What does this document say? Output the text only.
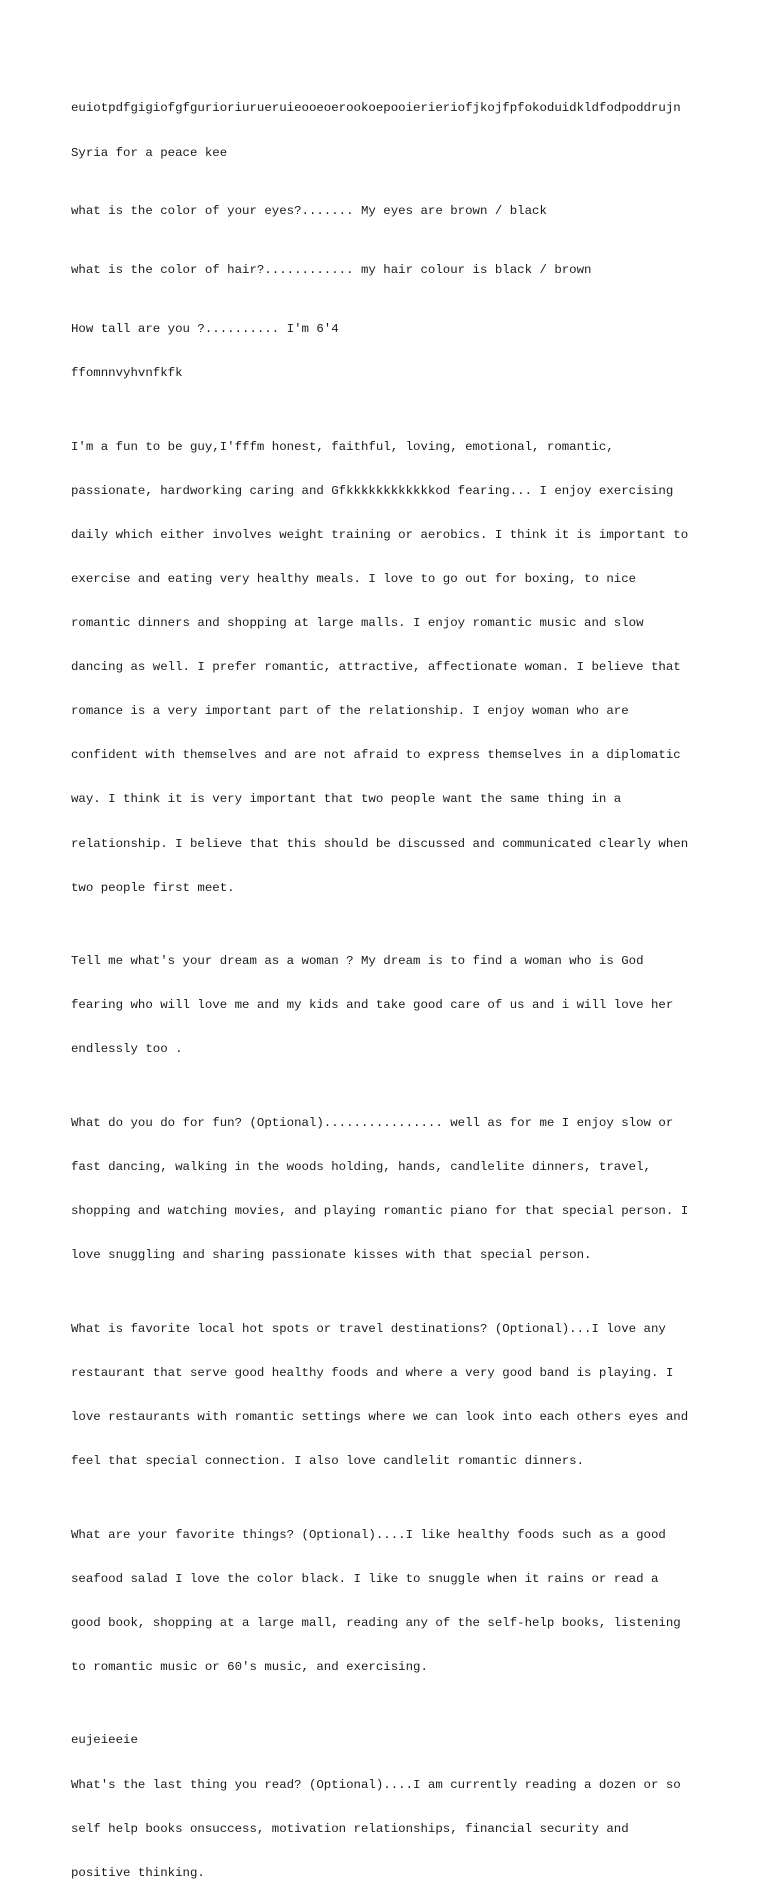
euiotpdfgigiofgfgurioriurueruieooeoerookoepooierieriofjkojfpfokoduidkldfodpoddrujn

Syria for a peace kee

what is the color of your eyes?....... My eyes are brown / black

what is the color of hair?............ my hair colour is black / brown

How tall are you ?.......... I'm 6'4

ffomnnvyhvnfkfk

I'm a fun to be guy,I'fffm honest, faithful, loving, emotional, romantic,

passionate, hardworking caring and Gfkkkkkkkkkkkkod fearing... I enjoy exercising

daily which either involves weight training or aerobics. I think it is important to

exercise and eating very healthy meals. I love to go out for boxing, to nice

romantic dinners and shopping at large malls. I enjoy romantic music and slow

dancing as well. I prefer romantic, attractive, affectionate woman. I believe that

romance is a very important part of the relationship. I enjoy woman who are

confident with themselves and are not afraid to express themselves in a diplomatic

way. I think it is very important that two people want the same thing in a

relationship. I believe that this should be discussed and communicated clearly when

two people first meet.

Tell me what's your dream as a woman ? My dream is to find a woman who is God

fearing who will love me and my kids and take good care of us and i will love her

endlessly too .

What do you do for fun? (Optional)................ well as for me I enjoy slow or

fast dancing, walking in the woods holding, hands, candlelite dinners, travel,

shopping and watching movies, and playing romantic piano for that special person. I

love snuggling and sharing passionate kisses with that special person.

What is favorite local hot spots or travel destinations? (Optional)...I love any

restaurant that serve good healthy foods and where a very good band is playing. I

love restaurants with romantic settings where we can look into each others eyes and

feel that special connection. I also love candlelit romantic dinners.

What are your favorite things? (Optional)....I like healthy foods such as a good

seafood salad I love the color black. I like to snuggle when it rains or read a

good book, shopping at a large mall, reading any of the self-help books, listening

to romantic music or 60's music, and exercising.

eujeieeie

What's the last thing you read? (Optional)....I am currently reading a dozen or so

self help books onsuccess, motivation relationships, financial security and

positive thinking.
